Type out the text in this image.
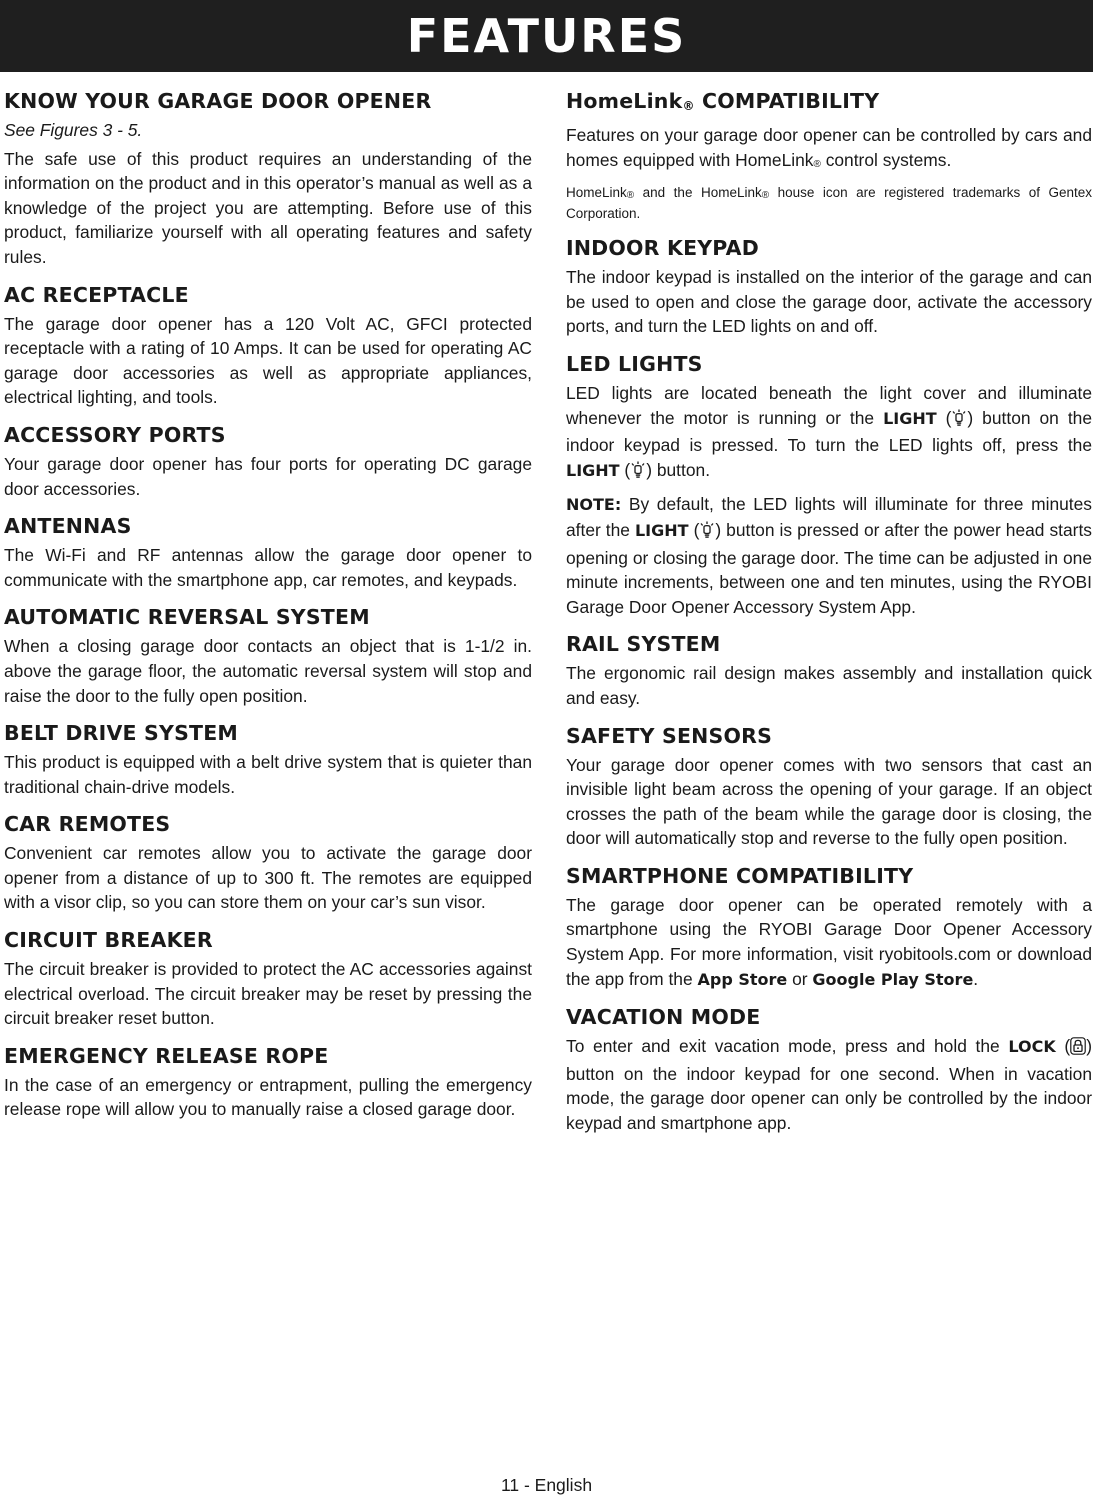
FEATURES
KNOW YOUR GARAGE DOOR OPENER

See Figures 3 - 5.

The safe use of this product requires an understanding of the information on the product and in this operator’s manual as well as a knowledge of the project you are attempting. Before use of this product, familiarize yourself with all operating features and safety rules.

AC RECEPTACLE

The garage door opener has a 120 Volt AC, GFCI protected receptacle with a rating of 10 Amps. It can be used for operating AC garage door accessories as well as appropriate appliances, electrical lighting, and tools.

ACCESSORY PORTS

Your garage door opener has four ports for operating DC garage door accessories.

ANTENNAS

The Wi-Fi and RF antennas allow the garage door opener to communicate with the smartphone app, car remotes, and keypads.

AUTOMATIC REVERSAL SYSTEM

When a closing garage door contacts an object that is 1-1/2 in. above the garage floor, the automatic reversal system will stop and raise the door to the fully open position.

BELT DRIVE SYSTEM

This product is equipped with a belt drive system that is quieter than traditional chain-drive models.

CAR REMOTES

Convenient car remotes allow you to activate the garage door opener from a distance of up to 300 ft. The remotes are equipped with a visor clip, so you can store them on your car’s sun visor.

CIRCUIT BREAKER

The circuit breaker is provided to protect the AC accessories against electrical overload. The circuit breaker may be reset by pressing the circuit breaker reset button.

EMERGENCY RELEASE ROPE

In the case of an emergency or entrapment, pulling the emergency release rope will allow you to manually raise a closed garage door.

HomeLink® COMPATIBILITY

Features on your garage door opener can be controlled by cars and homes equipped with HomeLink® control systems.

HomeLink® and the HomeLink® house icon are registered trademarks of Gentex Corporation.

INDOOR KEYPAD

The indoor keypad is installed on the interior of the garage and can be used to open and close the garage door, activate the accessory ports, and turn the LED lights on and off.

LED LIGHTS

LED lights are located beneath the light cover and illuminate whenever the motor is running or the LIGHT ( ) button on the indoor keypad is pressed. To turn the LED lights off, press the LIGHT ( ) button.

NOTE: By default, the LED lights will illuminate for three minutes after the LIGHT ( ) button is pressed or after the power head starts opening or closing the garage door. The time can be adjusted in one minute increments, between one and ten minutes, using the RYOBI Garage Door Opener Accessory System App.

RAIL SYSTEM

The ergonomic rail design makes assembly and installation quick and easy.

SAFETY SENSORS

Your garage door opener comes with two sensors that cast an invisible light beam across the opening of your garage. If an object crosses the path of the beam while the garage door is closing, the door will automatically stop and reverse to the fully open position.

SMARTPHONE COMPATIBILITY

The garage door opener can be operated remotely with a smartphone using the RYOBI Garage Door Opener Accessory System App. For more information, visit ryobitools.com or download the app from the App Store or Google Play Store.

VACATION MODE

To enter and exit vacation mode, press and hold the LOCK ( ) button on the indoor keypad for one second. When in vacation mode, the garage door opener can only be controlled by the indoor keypad and smartphone app.

11 - English
